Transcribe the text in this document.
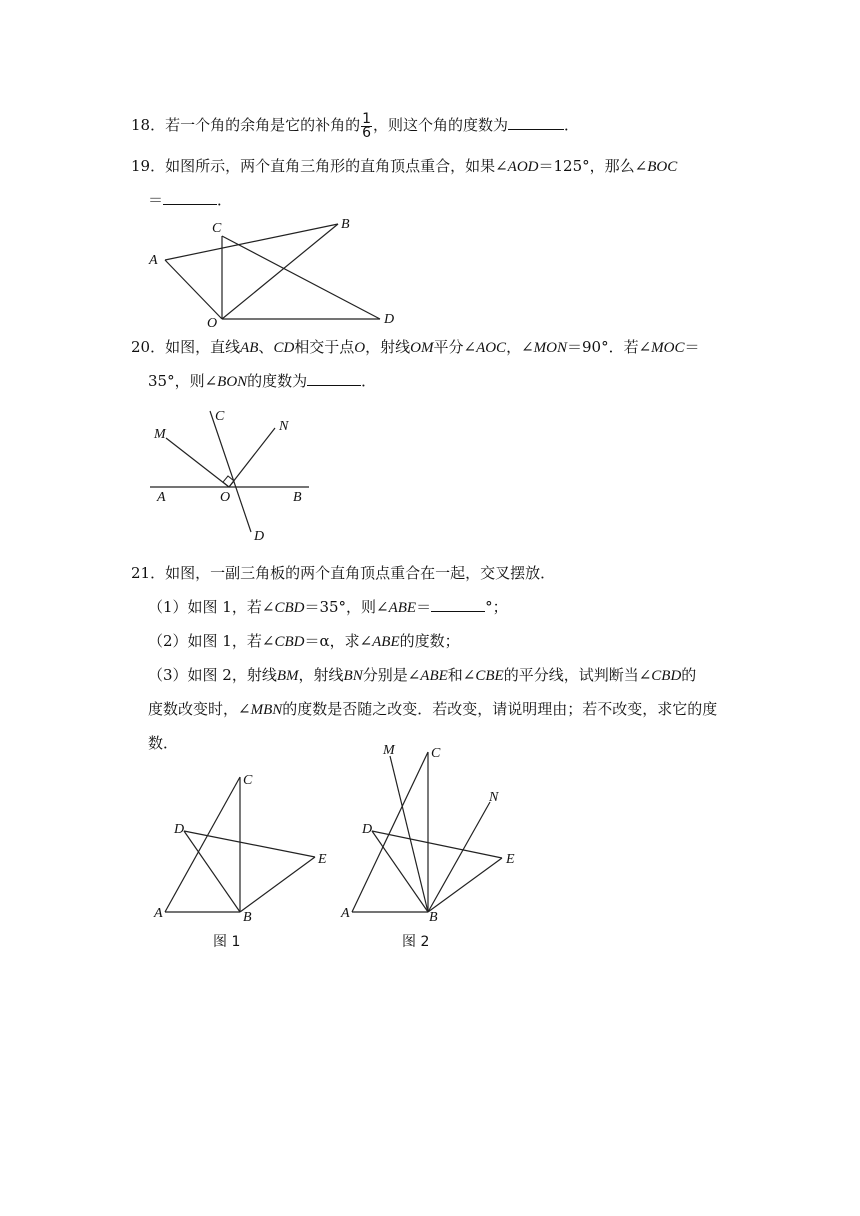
18．若一个角的余角是它的补角的 $\frac{1}{6}$ ，则这个角的度数为	．
19．如图所示，两个直角三角形的直角顶点重合，如果∠AOD＝125°，那么∠BOC
＝	．
A
B
C
D
O
20．如图，直线AB、CD相交于点O，射线OM平分∠AOC，∠MON＝90°．若∠MOC＝
35°，则∠BON的度数为	．
M
C
N
A	O	B
D
21．如图，一副三角板的两个直角顶点重合在一起，交叉摆放．
（1）如图 1，若∠CBD＝35°，则∠ABE＝	°；
（2）如图 1，若∠CBD＝α，求∠ABE的度数；
（3）如图 2，射线BM，射线BN分别是∠ABE和∠CBE的平分线，试判断当∠CBD的
度数改变时，∠MBN的度数是否随之改变．若改变，请说明理由；若不改变，求它的度
数．
C
D
E
A	B
图 1
M	C
N
D
E
A	B
图 2
